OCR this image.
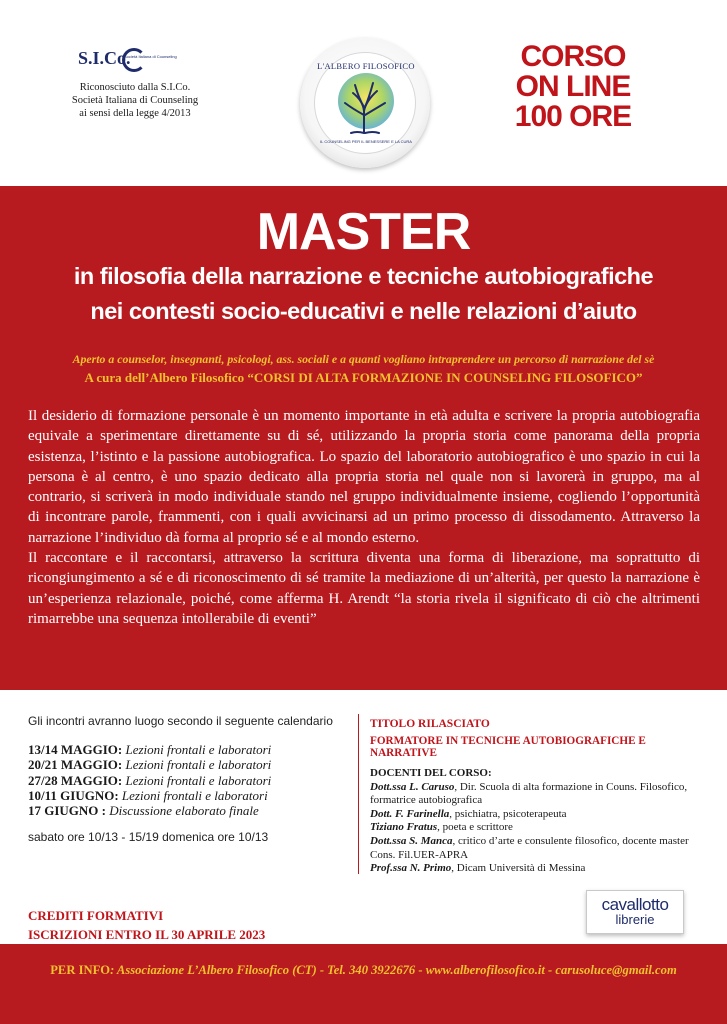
S.I.Co.
Società Italiana di Counseling
Riconosciuto dalla S.I.Co.
Società Italiana di Counseling
ai sensi della legge 4/2013
L'ALBERO FILOSOFICO
IL COUNSELING PER IL BENESSERE E LA CURA
CORSO
ON LINE
100 ORE
MASTER
in filosofia della narrazione e tecniche autobiografiche
nei contesti socio-educativi e nelle relazioni d’aiuto
Aperto a counselor, insegnanti, psicologi, ass. sociali e a quanti vogliano intraprendere un percorso di narrazione del sè
A cura dell’Albero Filosofico “CORSI DI ALTA FORMAZIONE IN COUNSELING FILOSOFICO”

Il desiderio di formazione personale è un momento importante in età adulta e scrivere la propria autobiografia equivale a sperimentare direttamente su di sé, utilizzando la propria storia come panorama della propria esistenza, l’istinto e la passione autobiografica. Lo spazio del laboratorio autobiografico è uno spazio in cui la persona è al centro, è uno spazio dedicato alla propria storia nel quale non si lavorerà in gruppo, ma al contrario, si scriverà in modo individuale stando nel gruppo individualmente insieme, cogliendo l’opportunità di incontrare parole, frammenti, con i quali avvicinarsi ad un primo processo di dissodamento. Attraverso la narrazione l’individuo dà forma al proprio sé e al mondo esterno.

Il raccontare e il raccontarsi, attraverso la scrittura diventa una forma di liberazione, ma soprattutto di ricongiungimento a sé e di riconoscimento di sé tramite la mediazione di un’alterità, per questo la narrazione è un’esperienza relazionale, poiché, come afferma H. Arendt “la storia rivela il significato di ciò che altrimenti rimarrebbe una sequenza intollerabile di eventi”

Gli incontri avranno luogo secondo il seguente calendario
13/14 MAGGIO: Lezioni frontali e laboratori
20/21 MAGGIO: Lezioni frontali e laboratori
27/28 MAGGIO: Lezioni frontali e laboratori
10/11 GIUGNO: Lezioni frontali e laboratori
17 GIUGNO : Discussione elaborato finale
sabato ore 10/13 - 15/19 domenica ore 10/13
TITOLO RILASCIATO
FORMATORE IN TECNICHE AUTOBIOGRAFICHE E NARRATIVE
DOCENTI DEL CORSO:
Dott.ssa L. Caruso, Dir. Scuola di alta formazione in Couns. Filosofico, formatrice autobiografica
Dott. F. Farinella, psichiatra, psicoterapeuta
Tiziano Fratus, poeta e scrittore
Dott.ssa S. Manca, critico d’arte e consulente filosofico, docente master Cons. Fil.UER-APRA
Prof.ssa N. Primo, Dicam Università di Messina
CREDITI FORMATIVI
ISCRIZIONI ENTRO IL 30 APRILE 2023
cavallotto
librerie
PER INFO: Associazione L’Albero Filosofico (CT) - Tel. 340 3922676 - www.alberofilosofico.it - carusoluce@gmail.com
